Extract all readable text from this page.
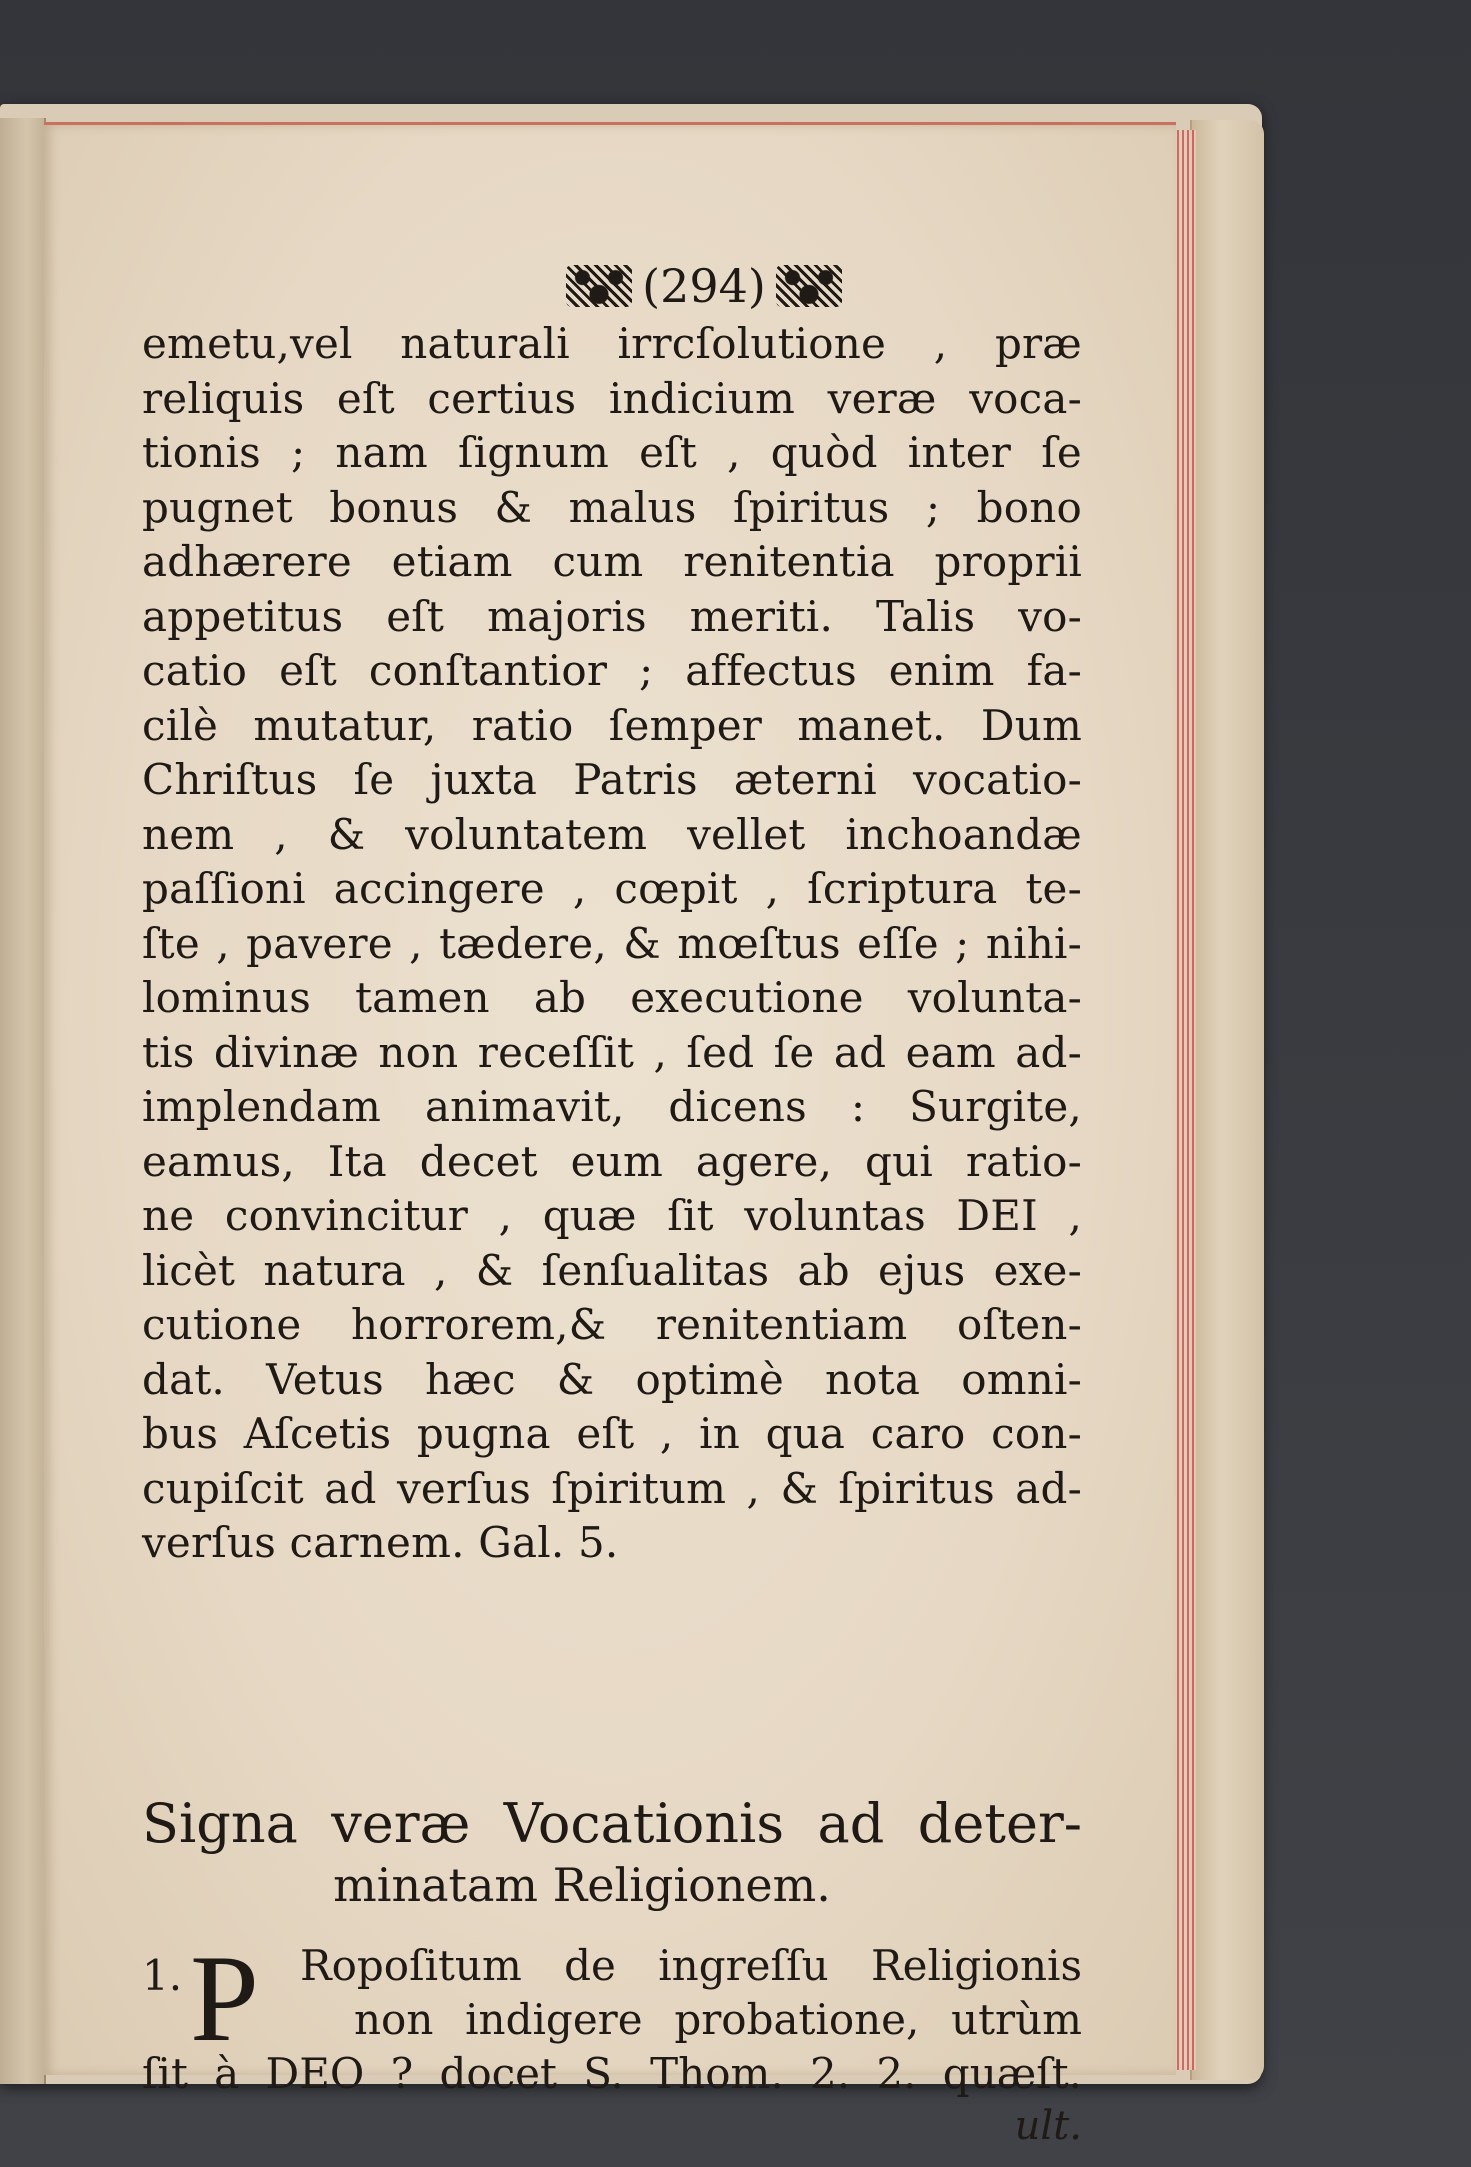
(294)
emetu,vel naturali irrcſolutione , præ
reliquis eſt certius indicium veræ voca-
tionis ; nam ſignum eſt , quòd inter ſe
pugnet bonus & malus ſpiritus ; bono
adhærere etiam cum renitentia proprii
appetitus eſt majoris meriti. Talis vo-
catio eſt conſtantior ; affectus enim fa-
cilè mutatur, ratio ſemper manet. Dum
Chriſtus ſe juxta Patris æterni vocatio-
nem , & voluntatem vellet inchoandæ
paſſioni accingere , cœpit , ſcriptura te-
ſte , pavere , tædere, & mœſtus eſſe ; nihi-
lominus tamen ab executione volunta-
tis divinæ non receſſit , ſed ſe ad eam ad-
implendam animavit, dicens : Surgite,
eamus, Ita decet eum agere, qui ratio-
ne convincitur , quæ ſit voluntas DEI ,
licèt natura , & ſenſualitas ab ejus exe-
cutione horrorem,& renitentiam oſten-
dat. Vetus hæc & optimè nota omni-
bus Aſcetis pugna eſt , in qua caro con-
cupiſcit ad verſus ſpiritum , & ſpiritus ad-
verſus carnem. Gal. 5.
Signa veræ Vocationis ad deter-
minatam Religionem.
1. P Ropoſitum de ingreſſu Religionis
non indigere probatione, utrùm
ſit à DEO ? docet S. Thom. 2. 2. quæſt.
ult.
